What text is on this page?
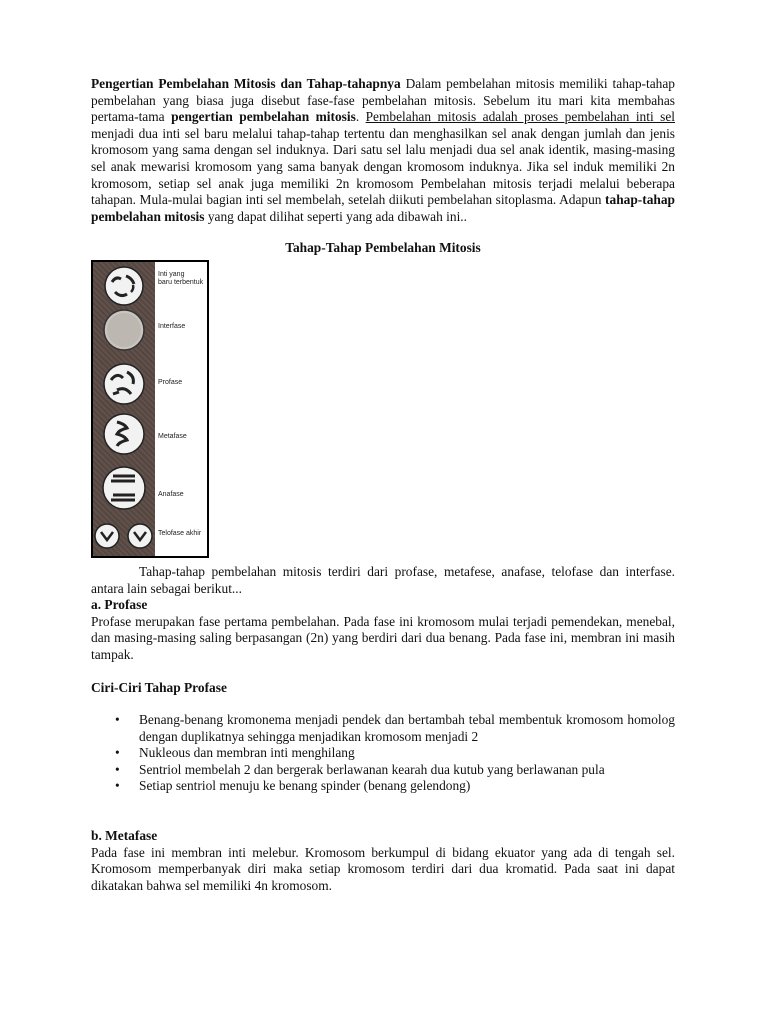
Pengertian Pembelahan Mitosis dan Tahap-tahapnya Dalam pembelahan mitosis memiliki tahap-tahap pembelahan yang biasa juga disebut fase-fase pembelahan mitosis. Sebelum itu mari kita membahas pertama-tama pengertian pembelahan mitosis. Pembelahan mitosis adalah proses pembelahan inti sel menjadi dua inti sel baru melalui tahap-tahap tertentu dan menghasilkan sel anak dengan jumlah dan jenis kromosom yang sama dengan sel induknya. Dari satu sel lalu menjadi dua sel anak identik, masing-masing sel anak mewarisi kromosom yang sama banyak dengan kromosom induknya. Jika sel induk memiliki 2n kromosom, setiap sel anak juga memiliki 2n kromosom Pembelahan mitosis terjadi melalui beberapa tahapan. Mula-mulai bagian inti sel membelah, setelah diikuti pembelahan sitoplasma. Adapun tahap-tahap pembelahan mitosis yang dapat dilihat seperti yang ada dibawah ini..

Tahap-Tahap Pembelahan Mitosis

Inti yang
baru terbentuk
Interfase
Profase
Metafase
Anafase
Telofase akhir

Tahap-tahap pembelahan mitosis terdiri dari profase, metafese, anafase, telofase dan interfase. antara lain sebagai berikut...

a. Profase

Profase merupakan fase pertama pembelahan. Pada fase ini kromosom mulai terjadi pemendekan, menebal, dan masing-masing saling berpasangan (2n) yang berdiri dari dua benang. Pada fase ini, membran ini masih tampak.

Ciri-Ciri Tahap Profase

• Benang-benang kromonema menjadi pendek dan bertambah tebal membentuk kromosom homolog dengan duplikatnya sehingga menjadikan kromosom menjadi 2
• Nukleous dan membran inti menghilang
• Sentriol membelah 2 dan bergerak berlawanan kearah dua kutub yang berlawanan pula
• Setiap sentriol menuju ke benang spinder (benang gelendong)

b. Metafase

Pada fase ini membran inti melebur. Kromosom berkumpul di bidang ekuator yang ada di tengah sel. Kromosom memperbanyak diri maka setiap kromosom terdiri dari dua kromatid. Pada saat ini dapat dikatakan bahwa sel memiliki 4n kromosom.
